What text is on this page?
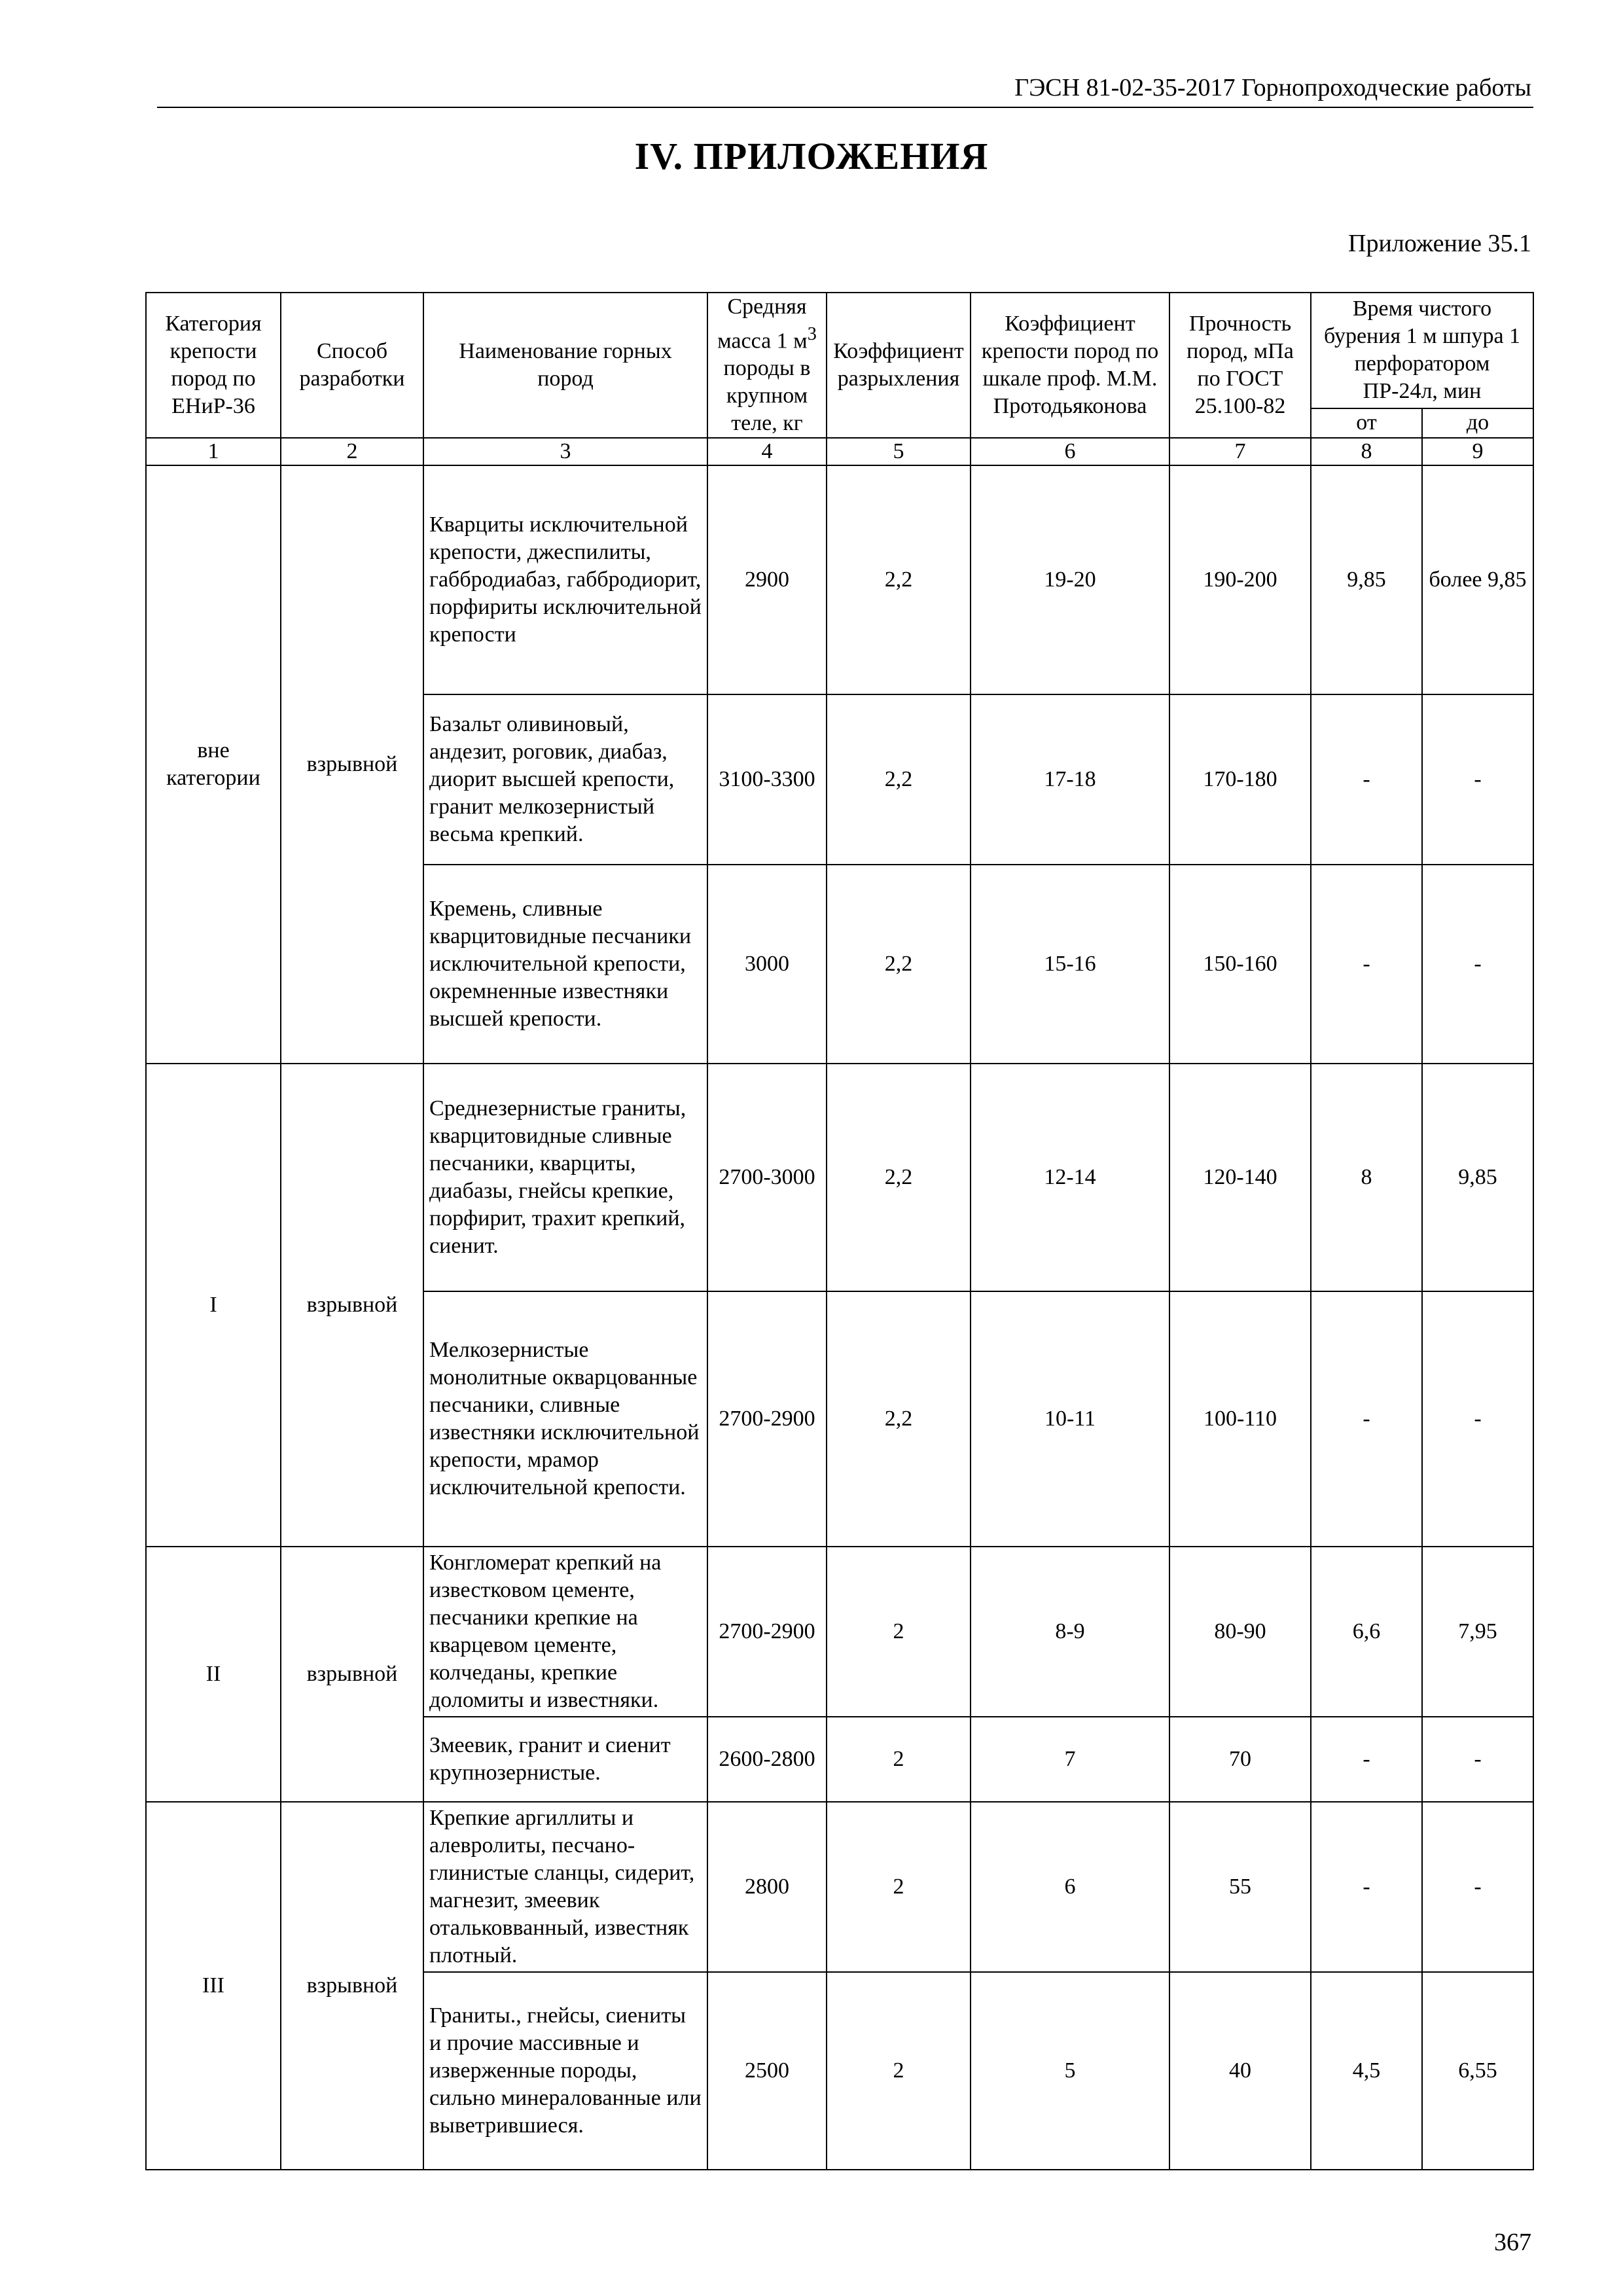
ГЭСН 81-02-35-2017 Горнопроходческие работы
IV. ПРИЛОЖЕНИЯ
Приложение 35.1
Категория крепости пород по ЕНиР-36	Способ разработки	Наименование горных пород	Средняя масса 1 $м^3$ породы в крупном теле, кг	Коэффициент разрыхления	Коэффициент крепости пород по шкале проф. М.М. Протодьяконова	Прочность пород, мПа по ГОСТ 25.100-82	Время чистого бурения 1 м шпура 1 перфоратором ПР-24л, мин	
							от	до
1	2	3	4	5	6	7	8	9
вне категории	взрывной	Кварциты исключительной крепости, джеспилиты, габбродиабаз, габбродиорит, порфириты исключительной крепости	2900	2,2	19-20	190-200	9,85	более 9,85
		Базальт оливиновый, андезит, роговик, диабаз, диорит высшей крепости, гранит мелкозернистый весьма крепкий.	3100-3300	2,2	17-18	170-180	-	-
		Кремень, сливные кварцитовидные песчаники исключительной крепости, окремненные известняки высшей крепости.	3000	2,2	15-16	150-160	-	-
I	взрывной	Среднезернистые граниты, кварцитовидные сливные песчаники, кварциты, диабазы, гнейсы крепкие, порфирит, трахит крепкий, сиенит.	2700-3000	2,2	12-14	120-140	8	9,85
		Мелкозернистые монолитные окварцованные песчаники, сливные известняки исключительной крепости, мрамор исключительной крепости.	2700-2900	2,2	10-11	100-110	-	-
II	взрывной	Конгломерат крепкий на известковом цементе, песчаники крепкие на кварцевом цементе, колчеданы, крепкие доломиты и известняки.	2700-2900	2	8-9	80-90	6,6	7,95
		Змеевик, гранит и сиенит крупнозернистые.	2600-2800	2	7	70	-	-
III	взрывной	Крепкие аргиллиты и алевролиты, песчано-глинистые сланцы, сидерит, магнезит, змеевик отальковванный, известняк плотный.	2800	2	6	55	-	-
		Граниты., гнейсы, сиениты и прочие массивные и изверженные породы, сильно минералованные или выветрившиеся.	2500	2	5	40	4,5	6,55
367
